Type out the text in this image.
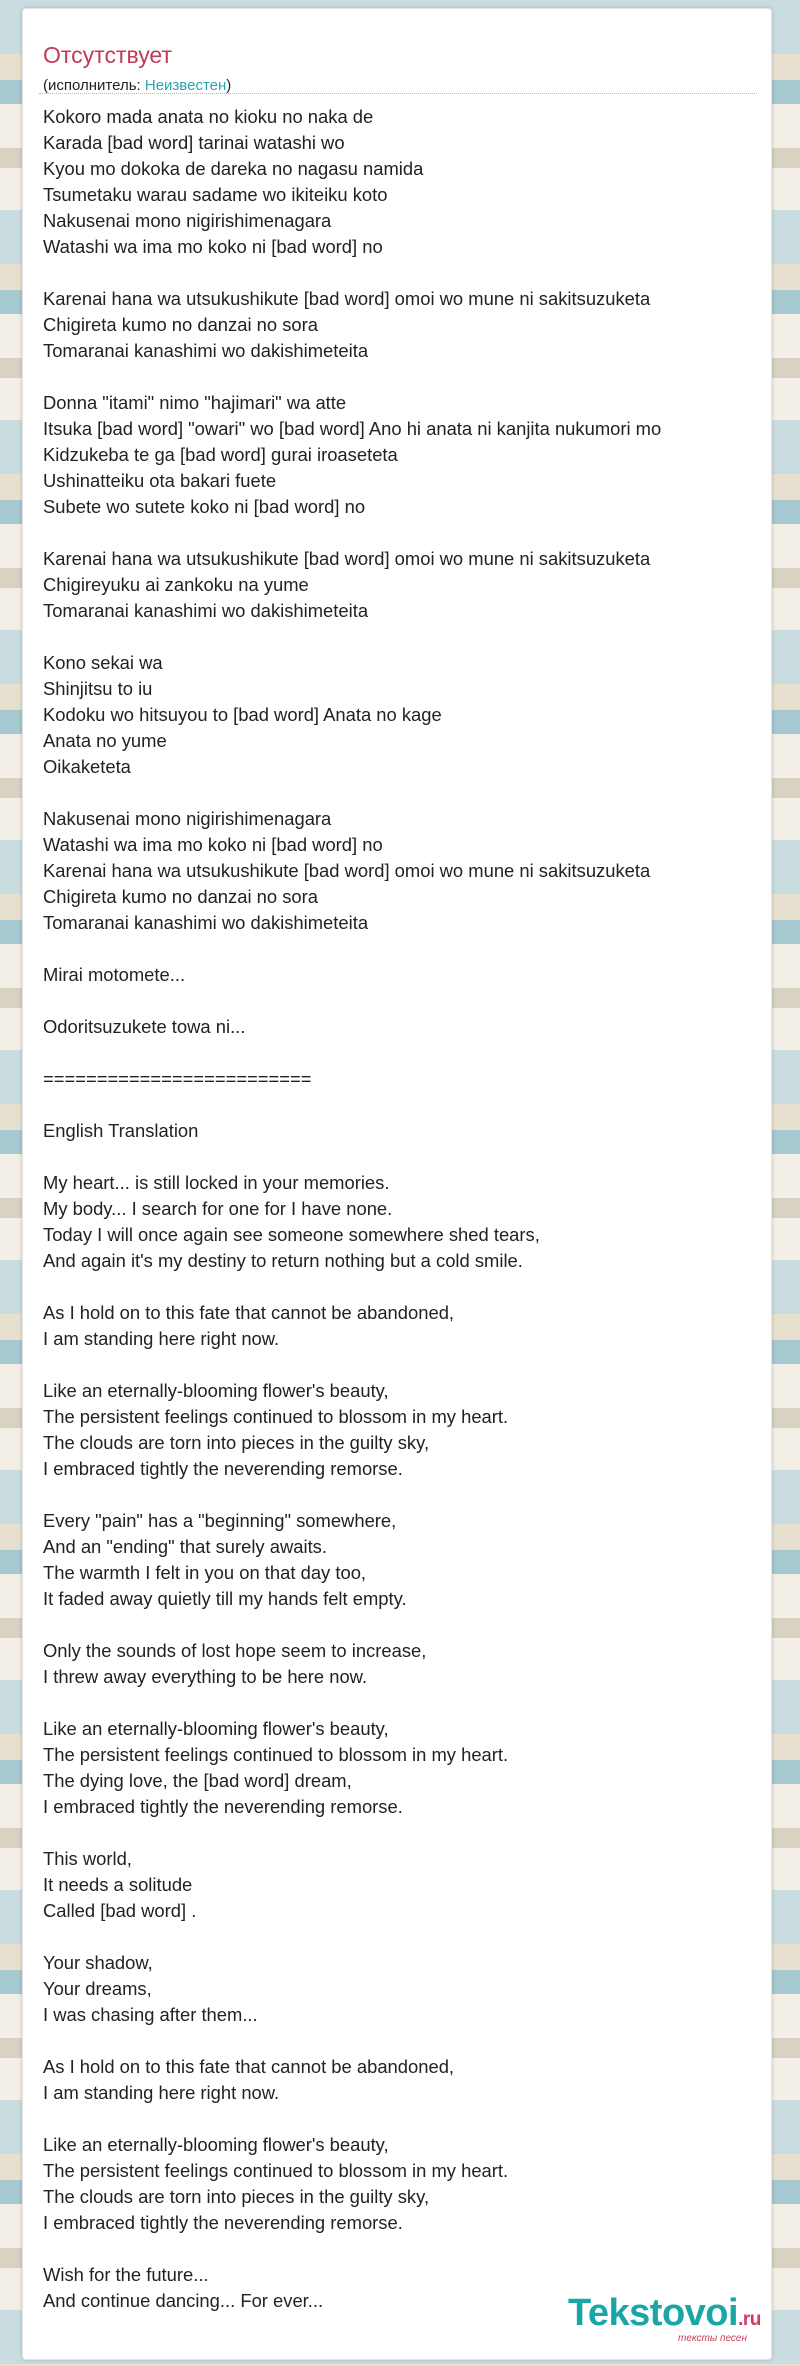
Отсутствует
(исполнитель: Неизвестен)
Kokoro mada anata no kioku no naka de
Karada [bad word] tarinai watashi wo
Kyou mo dokoka de dareka no nagasu namida
Tsumetaku warau sadame wo ikiteiku koto
Nakusenai mono nigirishimenagara
Watashi wa ima mo koko ni [bad word] no
Karenai hana wa utsukushikute [bad word] omoi wo mune ni sakitsuzuketa
Chigireta kumo no danzai no sora
Tomaranai kanashimi wo dakishimeteita
Donna "itami" nimo "hajimari" wa atte
Itsuka [bad word] "owari" wo [bad word] Ano hi anata ni kanjita nukumori mo
Kidzukeba te ga [bad word] gurai iroaseteta
Ushinatteiku ota bakari fuete
Subete wo sutete koko ni [bad word] no
Karenai hana wa utsukushikute [bad word] omoi wo mune ni sakitsuzuketa
Chigireyuku ai zankoku na yume
Tomaranai kanashimi wo dakishimeteita
Kono sekai wa
Shinjitsu to iu
Kodoku wo hitsuyou to [bad word] Anata no kage
Anata no yume
Oikaketeta
Nakusenai mono nigirishimenagara
Watashi wa ima mo koko ni [bad word] no
Karenai hana wa utsukushikute [bad word] omoi wo mune ni sakitsuzuketa
Chigireta kumo no danzai no sora
Tomaranai kanashimi wo dakishimeteita
Mirai motomete...
Odoritsuzukete towa ni...
=========================
English Translation
My heart... is still locked in your memories.
My body... I search for one for I have none.
Today I will once again see someone somewhere shed tears,
And again it's my destiny to return nothing but a cold smile.
As I hold on to this fate that cannot be abandoned,
I am standing here right now.
Like an eternally-blooming flower's beauty,
The persistent feelings continued to blossom in my heart.
The clouds are torn into pieces in the guilty sky,
I embraced tightly the neverending remorse.
Every "pain" has a "beginning" somewhere,
And an "ending" that surely awaits.
The warmth I felt in you on that day too,
It faded away quietly till my hands felt empty.
Only the sounds of lost hope seem to increase,
I threw away everything to be here now.
Like an eternally-blooming flower's beauty,
The persistent feelings continued to blossom in my heart.
The dying love, the [bad word] dream,
I embraced tightly the neverending remorse.
This world,
It needs a solitude
Called [bad word] .
Your shadow,
Your dreams,
I was chasing after them...
As I hold on to this fate that cannot be abandoned,
I am standing here right now.
Like an eternally-blooming flower's beauty,
The persistent feelings continued to blossom in my heart.
The clouds are torn into pieces in the guilty sky,
I embraced tightly the neverending remorse.
Wish for the future...
And continue dancing... For ever...	Tekstovoi.ru
тексты песен
